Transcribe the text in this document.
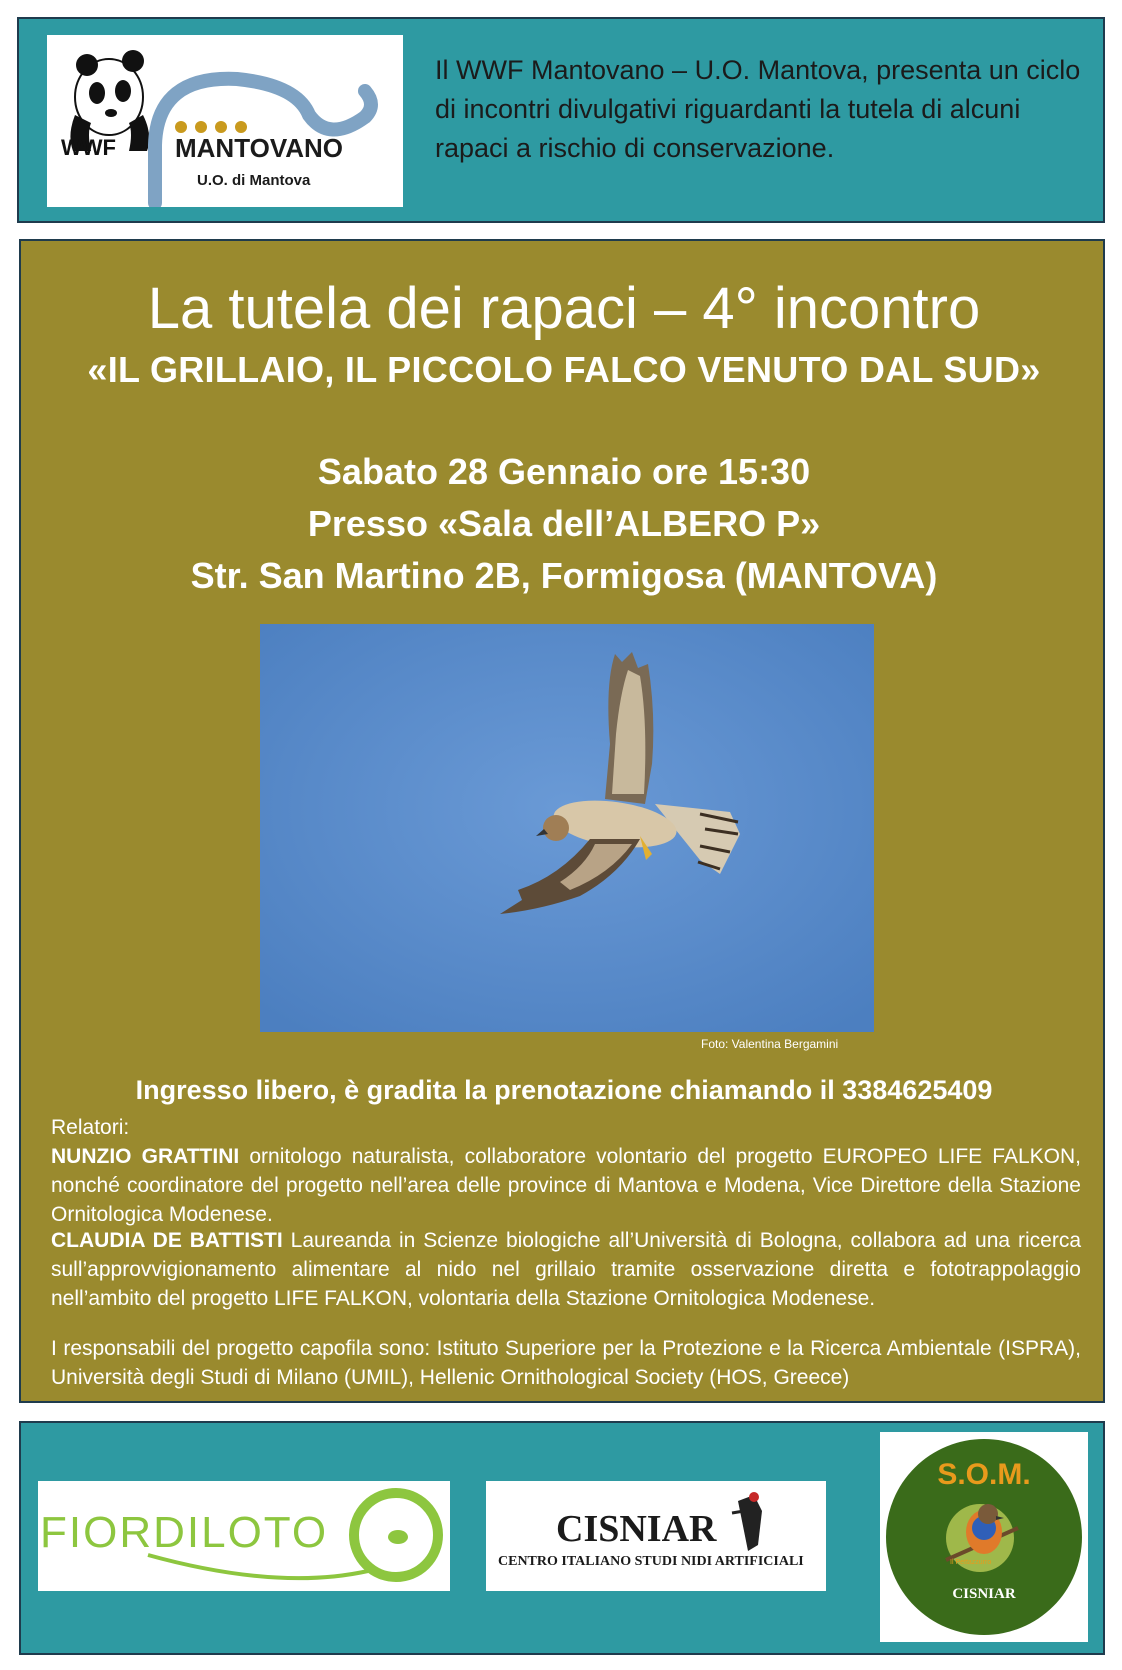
WWF MANTOVANO
U.O. di Mantova
Il WWF Mantovano – U.O. Mantova, presenta un ciclo di incontri divulgativi riguardanti la tutela di alcuni rapaci a rischio di conservazione.
La tutela dei rapaci – 4° incontro
«IL GRILLAIO, IL PICCOLO FALCO VENUTO DAL SUD»
Sabato 28 Gennaio ore 15:30
Presso «Sala dell’ALBERO P»
Str. San Martino 2B, Formigosa (MANTOVA)
Foto: Valentina Bergamini
Ingresso libero, è gradita la prenotazione chiamando il 3384625409
Relatori:
NUNZIO GRATTINI ornitologo naturalista, collaboratore volontario del progetto EUROPEO LIFE FALKON, nonché coordinatore del progetto nell’area delle province di Mantova e Modena, Vice Direttore della Stazione Ornitologica Modenese.
CLAUDIA DE BATTISTI Laureanda in Scienze biologiche all’Università di Bologna, collabora ad una ricerca sull’approvvigionamento alimentare al nido nel grillaio tramite osservazione diretta e fototrappolaggio nell’ambito del progetto LIFE FALKON, volontaria della Stazione Ornitologica Modenese.
I responsabili del progetto capofila sono: Istituto Superiore per la Protezione e la Ricerca Ambientale (ISPRA), Università degli Studi di Milano (UMIL), Hellenic Ornithological Society (HOS, Greece)
FIORDILOTO	CISNIAR
CENTRO ITALIANO STUDI NIDI ARTIFICIALI
S.O.M.
Il Pettazzurro
CISNIAR
